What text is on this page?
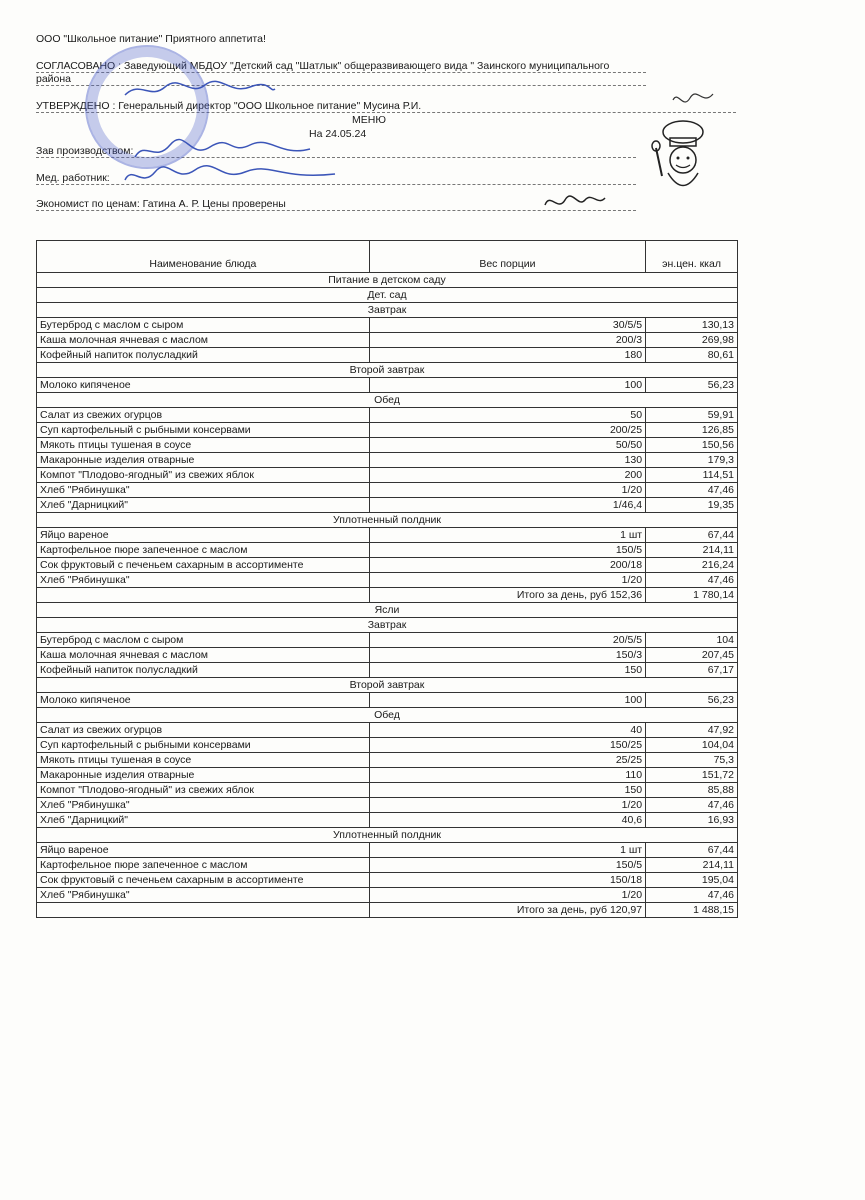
ООО "Школьное питание" Приятного аппетита!
СОГЛАСОВАНО : Заведующий МБДОУ "Детский сад "Шатлык" общеразвивающего вида " Заинского муниципального
района
УТВЕРЖДЕНО : Генеральный директор "ООО Школьное питание" Мусина Р.И.
МЕНЮ
На 24.05.24
Зав производством:
Мед. работник:
Экономист по ценам: Гатина А. Р. Цены проверены
Наименование блюда	Вес порции	эн.цен. ккал
Питание в детском саду		
Дет. сад		
Завтрак		
Бутерброд с маслом с сыром	30/5/5	130,13
Каша молочная ячневая с маслом	200/3	269,98
Кофейный напиток полусладкий	180	80,61
Второй завтрак		
Молоко кипяченое	100	56,23
Обед		
Салат из свежих огурцов	50	59,91
Суп картофельный с рыбными консервами	200/25	126,85
Мякоть птицы тушеная в соусе	50/50	150,56
Макаронные изделия отварные	130	179,3
Компот "Плодово-ягодный" из свежих яблок	200	114,51
Хлеб "Рябинушка"	1/20	47,46
Хлеб "Дарницкий"	1/46,4	19,35
Уплотненный полдник		
Яйцо вареное	1 шт	67,44
Картофельное пюре запеченное с маслом	150/5	214,11
Сок фруктовый с печеньем сахарным в ассортименте	200/18	216,24
Хлеб "Рябинушка"	1/20	47,46
	Итого за день, руб 152,36	1 780,14
Ясли		
Завтрак		
Бутерброд с маслом с сыром	20/5/5	104
Каша молочная ячневая с маслом	150/3	207,45
Кофейный напиток полусладкий	150	67,17
Второй завтрак		
Молоко кипяченое	100	56,23
Обед		
Салат из свежих огурцов	40	47,92
Суп картофельный с рыбными консервами	150/25	104,04
Мякоть птицы тушеная в соусе	25/25	75,3
Макаронные изделия отварные	110	151,72
Компот "Плодово-ягодный" из свежих яблок	150	85,88
Хлеб "Рябинушка"	1/20	47,46
Хлеб "Дарницкий"	40,6	16,93
Уплотненный полдник		
Яйцо вареное	1 шт	67,44
Картофельное пюре запеченное с маслом	150/5	214,11
Сок фруктовый с печеньем сахарным в ассортименте	150/18	195,04
Хлеб "Рябинушка"	1/20	47,46
	Итого за день, руб 120,97	1 488,15
